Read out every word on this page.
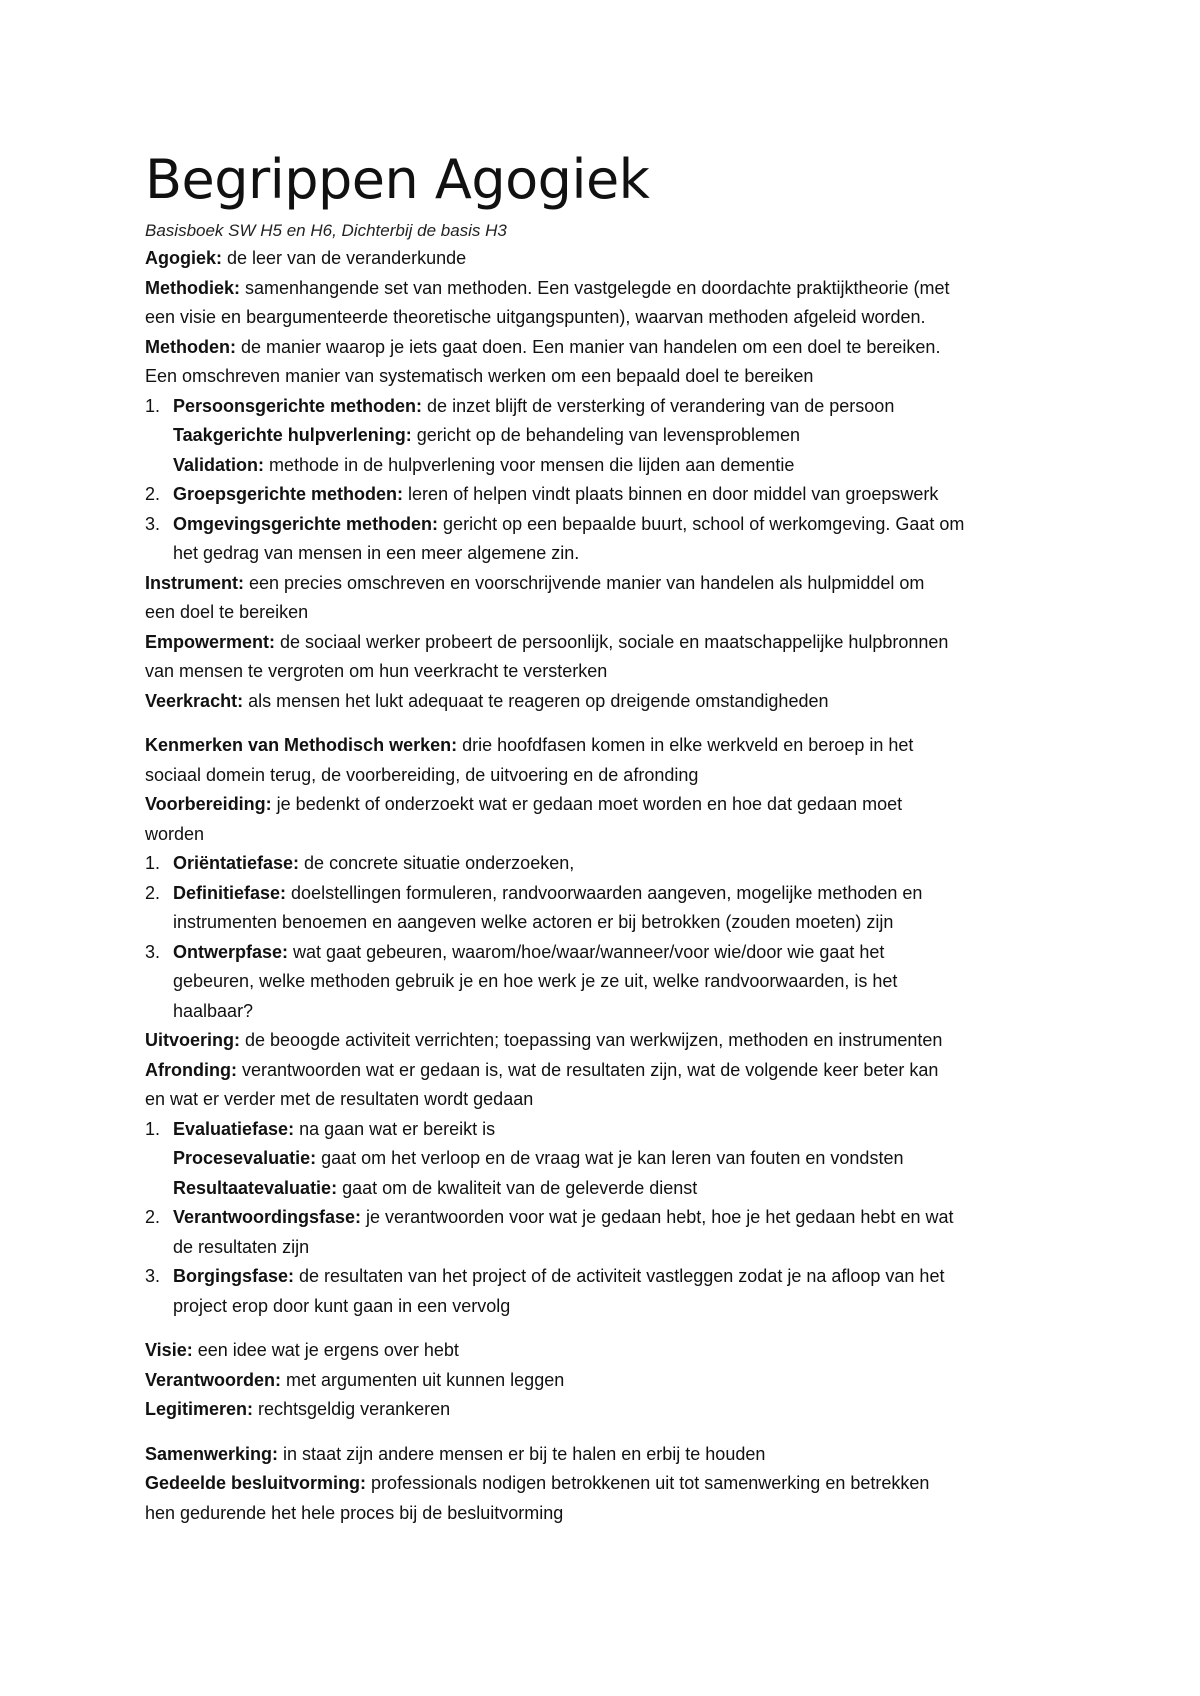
Begrippen Agogiek
Basisboek SW H5 en H6, Dichterbij de basis H3
Agogiek: de leer van de veranderkunde
Methodiek: samenhangende set van methoden. Een vastgelegde en doordachte praktijktheorie (met
een visie en beargumenteerde theoretische uitgangspunten), waarvan methoden afgeleid worden.
Methoden: de manier waarop je iets gaat doen. Een manier van handelen om een doel te bereiken.
Een omschreven manier van systematisch werken om een bepaald doel te bereiken
1. Persoonsgerichte methoden: de inzet blijft de versterking of verandering van de persoon
Taakgerichte hulpverlening: gericht op de behandeling van levensproblemen
Validation: methode in de hulpverlening voor mensen die lijden aan dementie
2. Groepsgerichte methoden: leren of helpen vindt plaats binnen en door middel van groepswerk
3. Omgevingsgerichte methoden: gericht op een bepaalde buurt, school of werkomgeving. Gaat om
het gedrag van mensen in een meer algemene zin.
Instrument: een precies omschreven en voorschrijvende manier van handelen als hulpmiddel om
een doel te bereiken
Empowerment: de sociaal werker probeert de persoonlijk, sociale en maatschappelijke hulpbronnen
van mensen te vergroten om hun veerkracht te versterken
Veerkracht: als mensen het lukt adequaat te reageren op dreigende omstandigheden
Kenmerken van Methodisch werken: drie hoofdfasen komen in elke werkveld en beroep in het
sociaal domein terug, de voorbereiding, de uitvoering en de afronding
Voorbereiding: je bedenkt of onderzoekt wat er gedaan moet worden en hoe dat gedaan moet
worden
1. Oriëntatiefase: de concrete situatie onderzoeken,
2. Definitiefase: doelstellingen formuleren, randvoorwaarden aangeven, mogelijke methoden en
instrumenten benoemen en aangeven welke actoren er bij betrokken (zouden moeten) zijn
3. Ontwerpfase: wat gaat gebeuren, waarom/hoe/waar/wanneer/voor wie/door wie gaat het
gebeuren, welke methoden gebruik je en hoe werk je ze uit, welke randvoorwaarden, is het
haalbaar?
Uitvoering: de beoogde activiteit verrichten; toepassing van werkwijzen, methoden en instrumenten
Afronding: verantwoorden wat er gedaan is, wat de resultaten zijn, wat de volgende keer beter kan
en wat er verder met de resultaten wordt gedaan
1. Evaluatiefase: na gaan wat er bereikt is
Procesevaluatie: gaat om het verloop en de vraag wat je kan leren van fouten en vondsten
Resultaatevaluatie: gaat om de kwaliteit van de geleverde dienst
2. Verantwoordingsfase: je verantwoorden voor wat je gedaan hebt, hoe je het gedaan hebt en wat
de resultaten zijn
3. Borgingsfase: de resultaten van het project of de activiteit vastleggen zodat je na afloop van het
project erop door kunt gaan in een vervolg
Visie: een idee wat je ergens over hebt
Verantwoorden: met argumenten uit kunnen leggen
Legitimeren: rechtsgeldig verankeren
Samenwerking: in staat zijn andere mensen er bij te halen en erbij te houden
Gedeelde besluitvorming: professionals nodigen betrokkenen uit tot samenwerking en betrekken
hen gedurende het hele proces bij de besluitvorming
